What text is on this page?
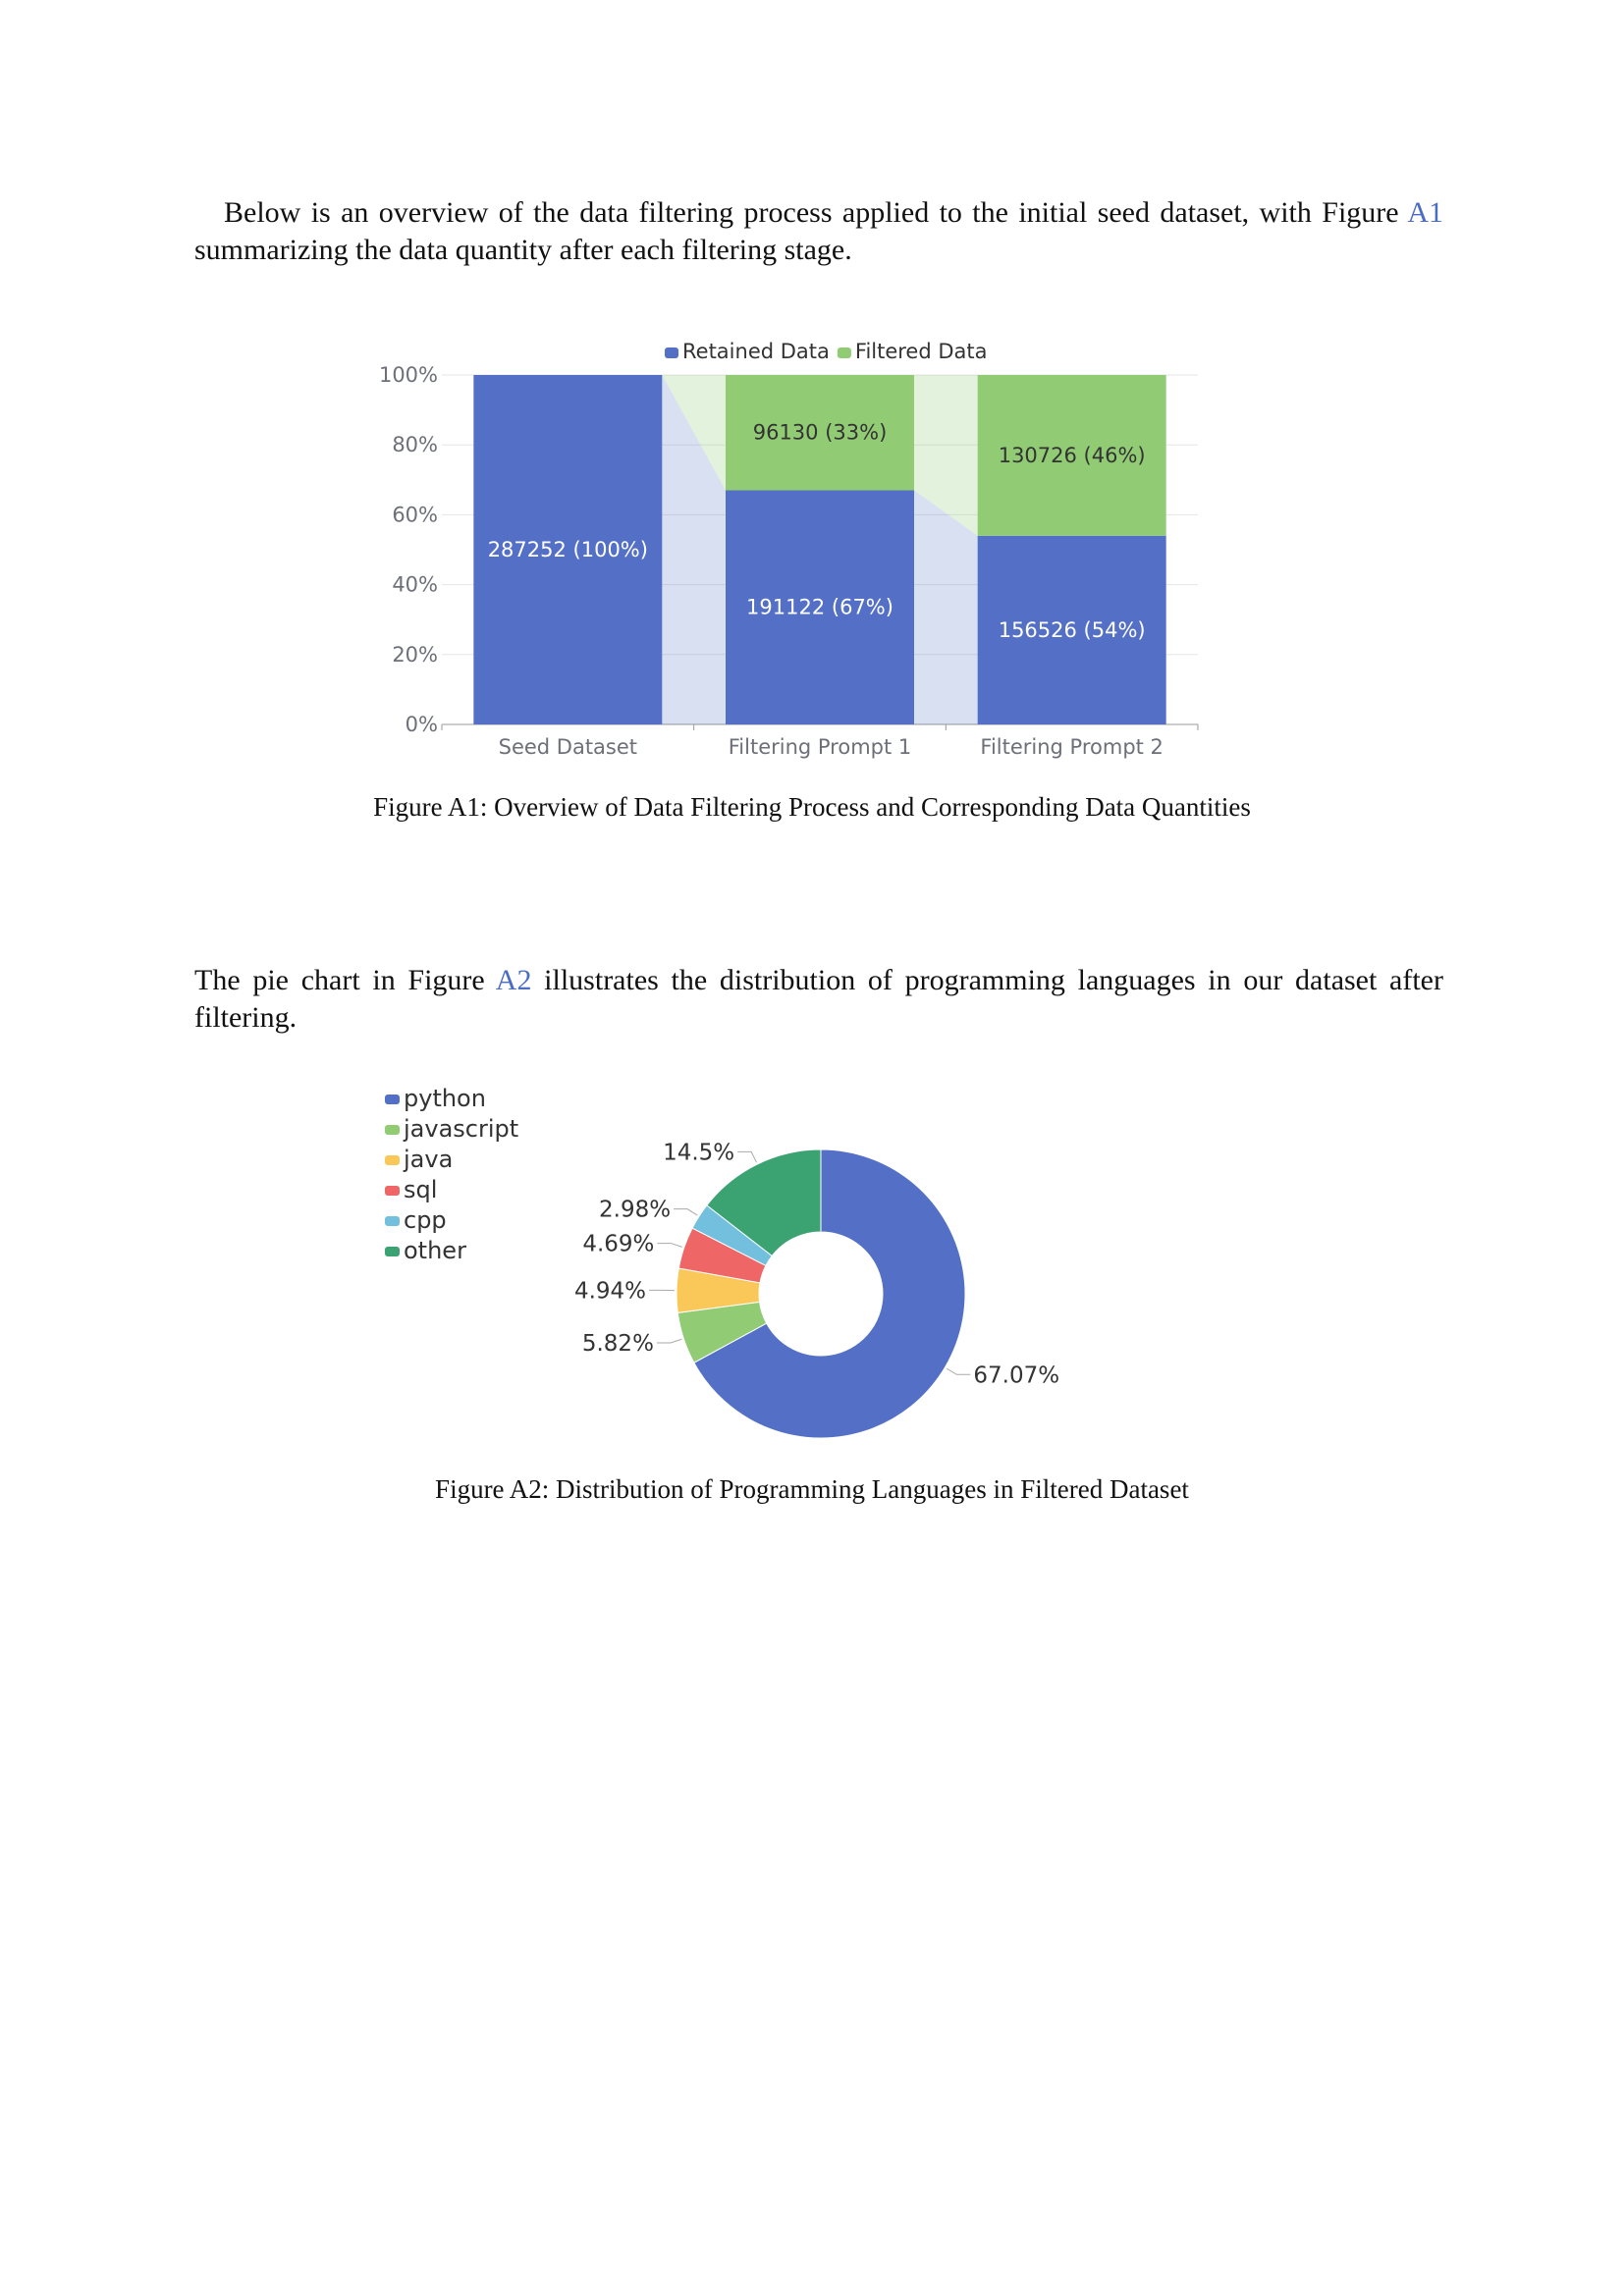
Below is an overview of the data filtering process applied to the initial seed dataset, with Figure A1 summarizing the data quantity after each filtering stage.

0%
20%
40%
60%
80%
100%
287252 (100%)
Seed Dataset
96130 (33%)
191122 (67%)
Filtering Prompt 1
130726 (46%)
156526 (54%)
Filtering Prompt 2
Retained Data Filtered Data

Figure A1: Overview of Data Filtering Process and Corresponding Data Quantities

The pie chart in Figure A2 illustrates the distribution of programming languages in our dataset after filtering.

67.07%
5.82%
4.94%
4.69%
2.98%
14.5%
python
javascript
java
sql
cpp
other

Figure A2: Distribution of Programming Languages in Filtered Dataset
